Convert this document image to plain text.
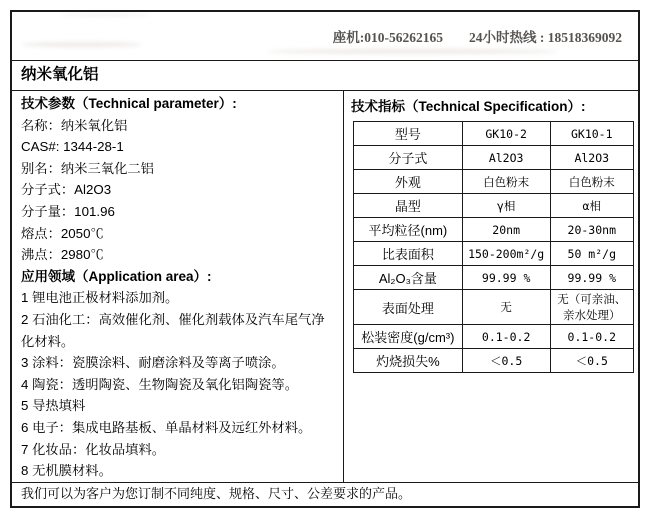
座机:010-56262165 24小时热线 : 18518369092
纳米氧化铝
技术参数（Technical parameter）:
名称：纳米氧化铝
CAS#: 1344-28-1
别名：纳米三氧化二铝
分子式：Al2O3
分子量：101.96
熔点：2050℃
沸点：2980℃
应用领域（Application area）:
1 锂电池正极材料添加剂。
2 石油化工：高效催化剂、催化剂载体及汽车尾气净化材料。
3 涂料：瓷膜涂料、耐磨涂料及等离子喷涂。
4 陶瓷：透明陶瓷、生物陶瓷及氧化铝陶瓷等。
5 导热填料
6 电子：集成电路基板、单晶材料及远红外材料。
7 化妆品：化妆品填料。
8 无机膜材料。
技术指标（Technical Specification）:
型号	GK10-2	GK10-1
分子式	Al2O3	Al2O3
外观	白色粉末	白色粉末
晶型	γ相	α相
平均粒径(nm)	20nm	20-30nm
比表面积	150-200m²/g	50 m²/g
Al₂O₃含量	99.99 %	99.99 %
表面处理	无	无（可亲油、亲水处理）
松装密度(g/cm³)	0.1-0.2	0.1-0.2
灼烧损失%	＜0.5	＜0.5
我们可以为客户为您订制不同纯度、规格、尺寸、公差要求的产品。
